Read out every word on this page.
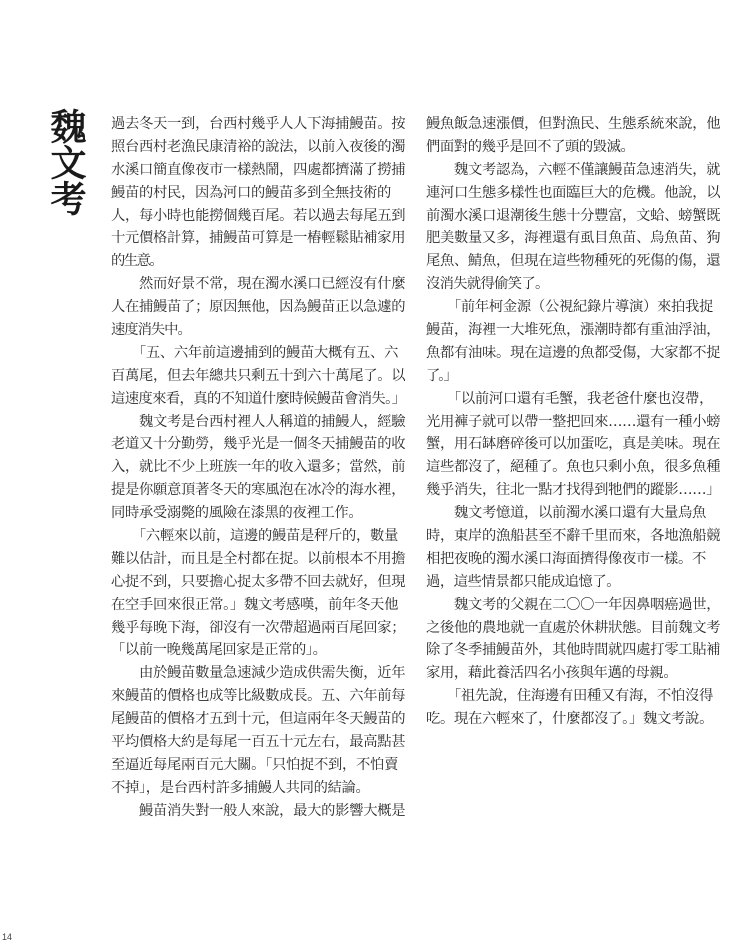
魏文考 過去冬天一到，台西村幾乎人人下海捕鰻苗。按
照台西村老漁民康清裕的說法，以前入夜後的濁
水溪口簡直像夜市一樣熱鬧，四處都擠滿了撈捕
鰻苗的村民，因為河口的鰻苗多到全無技術的
人，每小時也能撈個幾百尾。若以過去每尾五到
十元價格計算，捕鰻苗可算是一樁輕鬆貼補家用
的生意。
　　然而好景不常，現在濁水溪口已經沒有什麼
人在捕鰻苗了；原因無他，因為鰻苗正以急遽的
速度消失中。
　　「五、六年前這邊捕到的鰻苗大概有五、六
百萬尾，但去年總共只剩五十到六十萬尾了。以
這速度來看，真的不知道什麼時候鰻苗會消失。」
　　魏文考是台西村裡人人稱道的捕鰻人，經驗
老道又十分勤勞，幾乎光是一個冬天捕鰻苗的收
入，就比不少上班族一年的收入還多；當然，前
提是你願意頂著冬天的寒風泡在冰冷的海水裡，
同時承受溺斃的風險在漆黑的夜裡工作。
　　「六輕來以前，這邊的鰻苗是秤斤的，數量
難以估計，而且是全村都在捉。以前根本不用擔
心捉不到，只要擔心捉太多帶不回去就好，但現
在空手回來很正常。」魏文考感嘆，前年冬天他
幾乎每晚下海，卻沒有一次帶超過兩百尾回家；
「以前一晚幾萬尾回家是正常的」。
　　由於鰻苗數量急速減少造成供需失衡，近年
來鰻苗的價格也成等比級數成長。五、六年前每
尾鰻苗的價格才五到十元，但這兩年冬天鰻苗的
平均價格大約是每尾一百五十元左右，最高點甚
至逼近每尾兩百元大關。「只怕捉不到，不怕賣
不掉」，是台西村許多捕鰻人共同的結論。
　　鰻苗消失對一般人來說，最大的影響大概是
鰻魚飯急速漲價，但對漁民、生態系統來說，他
們面對的幾乎是回不了頭的毀滅。
　　魏文考認為，六輕不僅讓鰻苗急速消失，就
連河口生態多樣性也面臨巨大的危機。他說，以
前濁水溪口退潮後生態十分豐富，文蛤、螃蟹既
肥美數量又多，海裡還有虱目魚苗、烏魚苗、狗
尾魚、鯖魚，但現在這些物種死的死傷的傷，還
沒消失就得偷笑了。
　　「前年柯金源（公視紀錄片導演）來拍我捉
鰻苗，海裡一大堆死魚，漲潮時都有重油浮油，
魚都有油味。現在這邊的魚都受傷，大家都不捉
了。」
　　「以前河口還有毛蟹，我老爸什麼也沒帶，
光用褲子就可以帶一整把回來……還有一種小螃
蟹，用石缽磨碎後可以加蛋吃，真是美味。現在
這些都沒了，絕種了。魚也只剩小魚，很多魚種
幾乎消失，往北一點才找得到牠們的蹤影……」
　　魏文考憶道，以前濁水溪口還有大量烏魚
時，東岸的漁船甚至不辭千里而來，各地漁船競
相把夜晚的濁水溪口海面擠得像夜市一樣。不
過，這些情景都只能成追憶了。
　　魏文考的父親在二〇〇一年因鼻咽癌過世，
之後他的農地就一直處於休耕狀態。目前魏文考
除了冬季捕鰻苗外，其他時間就四處打零工貼補
家用，藉此養活四名小孩與年邁的母親。
　　「祖先說，住海邊有田種又有海，不怕沒得
吃。現在六輕來了，什麼都沒了。」魏文考說。
14
